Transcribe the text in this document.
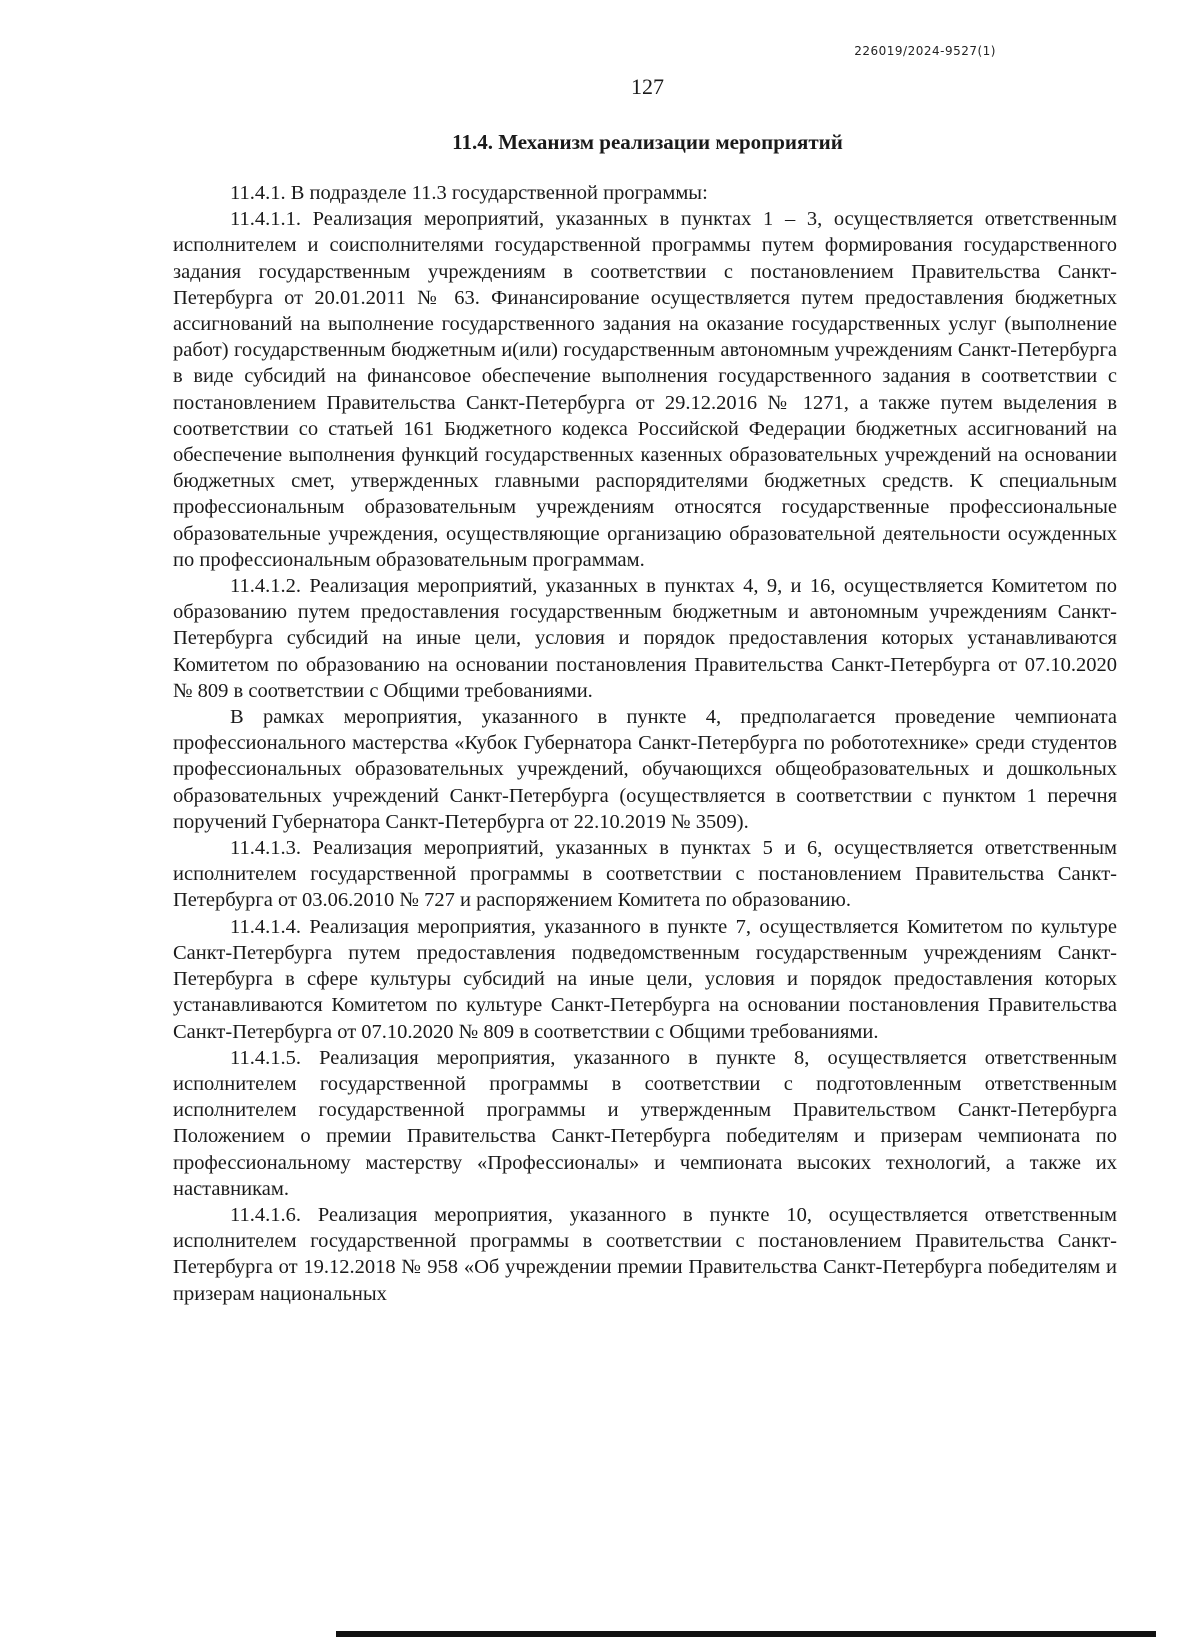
226019/2024-9527(1)
127
11.4. Механизм реализации мероприятий

11.4.1. В подразделе 11.3 государственной программы:

11.4.1.1. Реализация мероприятий, указанных в пунктах 1 – 3, осуществляется ответственным исполнителем и соисполнителями государственной программы путем формирования государственного задания государственным учреждениям в соответствии с постановлением Правительства Санкт-Петербурга от 20.01.2011 № 63. Финансирование осуществляется путем предоставления бюджетных ассигнований на выполнение государственного задания на оказание государственных услуг (выполнение работ) государственным бюджетным и(или) государственным автономным учреждениям Санкт-Петербурга в виде субсидий на финансовое обеспечение выполнения государственного задания в соответствии с постановлением Правительства Санкт-Петербурга от 29.12.2016 № 1271, а также путем выделения в соответствии со статьей 161 Бюджетного кодекса Российской Федерации бюджетных ассигнований на обеспечение выполнения функций государственных казенных образовательных учреждений на основании бюджетных смет, утвержденных главными распорядителями бюджетных средств. К специальным профессиональным образовательным учреждениям относятся государственные профессиональные образовательные учреждения, осуществляющие организацию образовательной деятельности осужденных по профессиональным образовательным программам.

11.4.1.2. Реализация мероприятий, указанных в пунктах 4, 9, и 16, осуществляется Комитетом по образованию путем предоставления государственным бюджетным и автономным учреждениям Санкт-Петербурга субсидий на иные цели, условия и порядок предоставления которых устанавливаются Комитетом по образованию на основании постановления Правительства Санкт-Петербурга от 07.10.2020 № 809 в соответствии с Общими требованиями.

В рамках мероприятия, указанного в пункте 4, предполагается проведение чемпионата профессионального мастерства «Кубок Губернатора Санкт-Петербурга по робототехнике» среди студентов профессиональных образовательных учреждений, обучающихся общеобразовательных и дошкольных образовательных учреждений Санкт-Петербурга (осуществляется в соответствии с пунктом 1 перечня поручений Губернатора Санкт-Петербурга от 22.10.2019 № 3509).

11.4.1.3. Реализация мероприятий, указанных в пунктах 5 и 6, осуществляется ответственным исполнителем государственной программы в соответствии с постановлением Правительства Санкт-Петербурга от 03.06.2010 № 727 и распоряжением Комитета по образованию.

11.4.1.4. Реализация мероприятия, указанного в пункте 7, осуществляется Комитетом по культуре Санкт-Петербурга путем предоставления подведомственным государственным учреждениям Санкт-Петербурга в сфере культуры субсидий на иные цели, условия и порядок предоставления которых устанавливаются Комитетом по культуре Санкт-Петербурга на основании постановления Правительства Санкт-Петербурга от 07.10.2020 № 809 в соответствии с Общими требованиями.

11.4.1.5. Реализация мероприятия, указанного в пункте 8, осуществляется ответственным исполнителем государственной программы в соответствии с подготовленным ответственным исполнителем государственной программы и утвержденным Правительством Санкт-Петербурга Положением о премии Правительства Санкт-Петербурга победителям и призерам чемпионата по профессиональному мастерству «Профессионалы» и чемпионата высоких технологий, а также их наставникам.

11.4.1.6. Реализация мероприятия, указанного в пункте 10, осуществляется ответственным исполнителем государственной программы в соответствии с постановлением Правительства Санкт-Петербурга от 19.12.2018 № 958 «Об учреждении премии Правительства Санкт-Петербурга победителям и призерам национальных
